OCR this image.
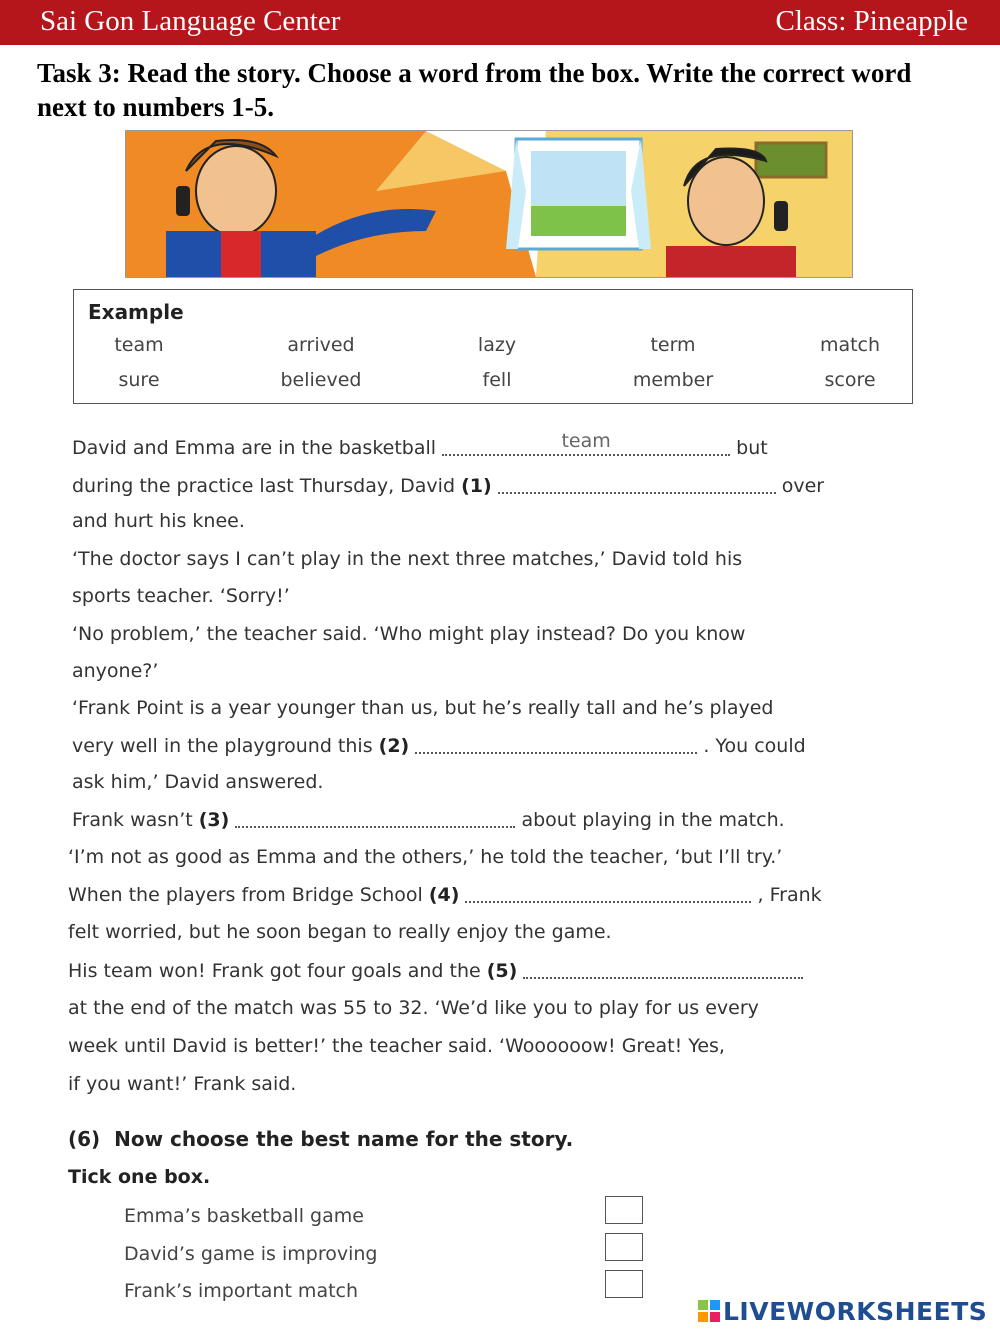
Sai Gon Language Center	Class: Pineapple
Task 3: Read the story. Choose a word from the box. Write the correct word next to numbers 1-5.
Example
team	arrived	lazy	term	match
sure	believed	fell	member	score
David and Emma are in the basketball	team	but
during the practice last Thursday, David (1)	over
and hurt his knee.
‘The doctor says I can’t play in the next three matches,’ David told his
sports teacher. ‘Sorry!’
‘No problem,’ the teacher said. ‘Who might play instead? Do you know
anyone?’
‘Frank Point is a year younger than us, but he’s really tall and he’s played
very well in the playground this (2)	. You could
ask him,’ David answered.
Frank wasn’t (3)	about playing in the match.
‘I’m not as good as Emma and the others,’ he told the teacher, ‘but I’ll try.’
When the players from Bridge School (4)	, Frank
felt worried, but he soon began to really enjoy the game.
His team won! Frank got four goals and the (5)
at the end of the match was 55 to 32. ‘We’d like you to play for us every
week until David is better!’ the teacher said. ‘Woooooow! Great! Yes,
if you want!’ Frank said.
(6) Now choose the best name for the story.
Tick one box.
Emma’s basketball game
David’s game is improving
Frank’s important match
LIVEWORKSHEETS
